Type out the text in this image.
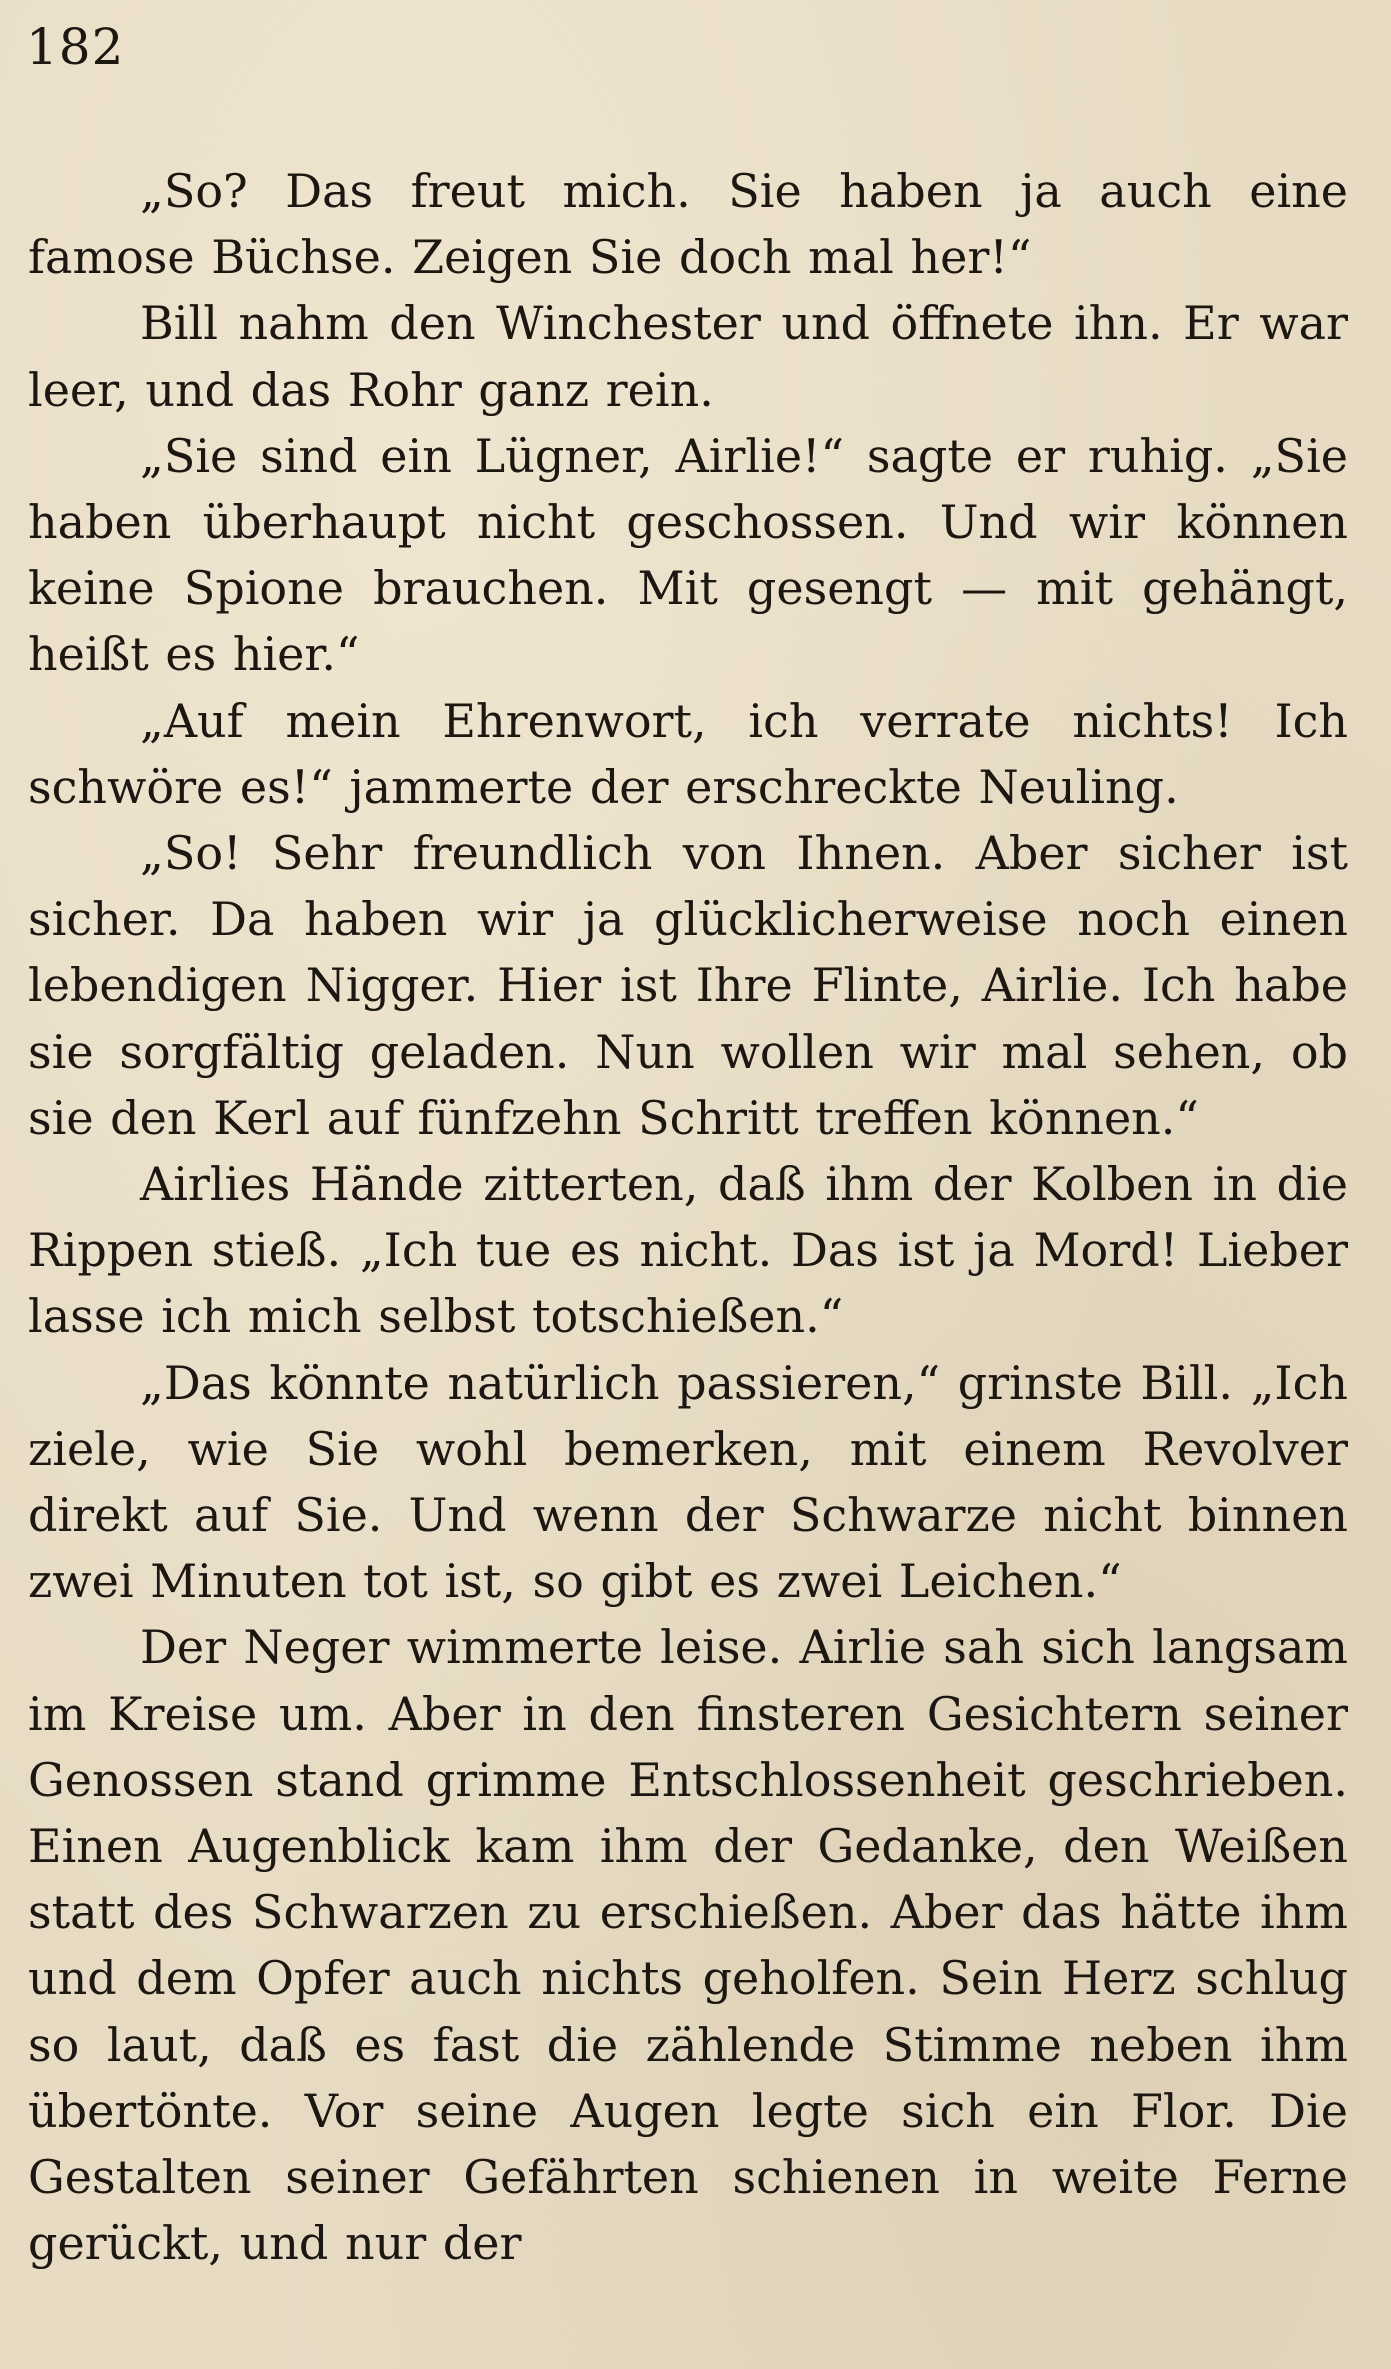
182

„So? Das freut mich. Sie haben ja auch eine famose Büchse. Zeigen Sie doch mal her!“

Bill nahm den Winchester und öffnete ihn. Er war leer, und das Rohr ganz rein.

„Sie sind ein Lügner, Airlie!“ sagte er ruhig. „Sie haben überhaupt nicht geschossen. Und wir können keine Spione brauchen. Mit gesengt — mit gehängt, heißt es hier.“

„Auf mein Ehrenwort, ich verrate nichts! Ich schwöre es!“ jammerte der erschreckte Neuling.

„So! Sehr freundlich von Ihnen. Aber sicher ist sicher. Da haben wir ja glücklicherweise noch einen lebendigen Nigger. Hier ist Ihre Flinte, Airlie. Ich habe sie sorgfältig geladen. Nun wollen wir mal sehen, ob sie den Kerl auf fünfzehn Schritt treffen können.“

Airlies Hände zitterten, daß ihm der Kolben in die Rippen stieß. „Ich tue es nicht. Das ist ja Mord! Lieber lasse ich mich selbst totschießen.“

„Das könnte natürlich passieren,“ grinste Bill. „Ich ziele, wie Sie wohl bemerken, mit einem Revolver direkt auf Sie. Und wenn der Schwarze nicht binnen zwei Minuten tot ist, so gibt es zwei Leichen.“

Der Neger wimmerte leise. Airlie sah sich langsam im Kreise um. Aber in den finsteren Gesichtern seiner Genossen stand grimme Entschlossenheit geschrieben. Einen Augenblick kam ihm der Gedanke, den Weißen statt des Schwarzen zu erschießen. Aber das hätte ihm und dem Opfer auch nichts geholfen. Sein Herz schlug so laut, daß es fast die zählende Stimme neben ihm übertönte. Vor seine Augen legte sich ein Flor. Die Gestalten seiner Gefährten schienen in weite Ferne gerückt, und nur der
